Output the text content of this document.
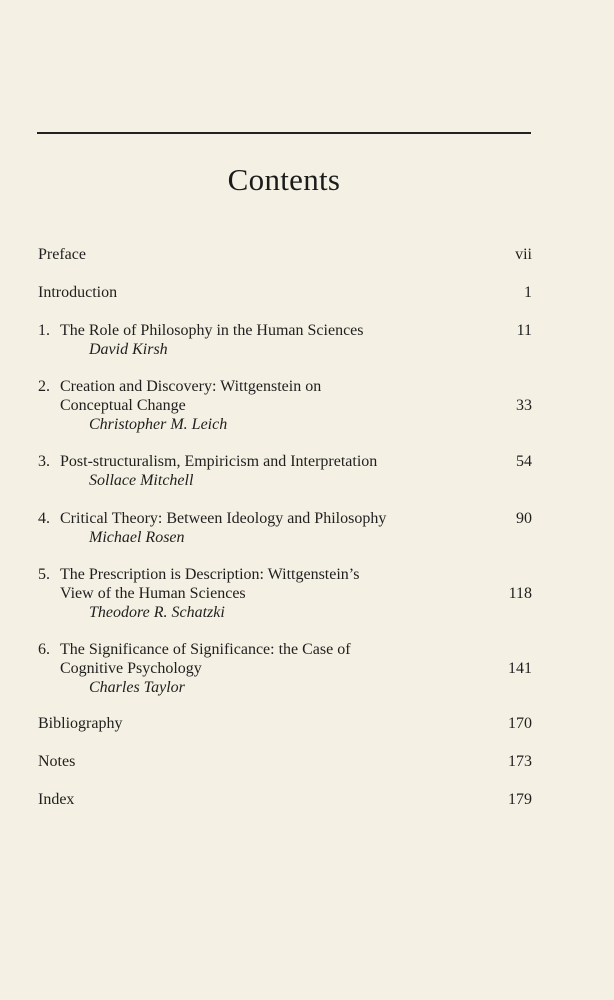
Contents
Preface	vii
Introduction	1
1. The Role of Philosophy in the Human Sciences	11
David Kirsh
2. Creation and Discovery: Wittgenstein on
Conceptual Change	33
Christopher M. Leich
3. Post-structuralism, Empiricism and Interpretation	54
Sollace Mitchell
4. Critical Theory: Between Ideology and Philosophy	90
Michael Rosen
5. The Prescription is Description: Wittgenstein’s
View of the Human Sciences	118
Theodore R. Schatzki
6. The Significance of Significance: the Case of
Cognitive Psychology	141
Charles Taylor
Bibliography	170
Notes	173
Index	179
